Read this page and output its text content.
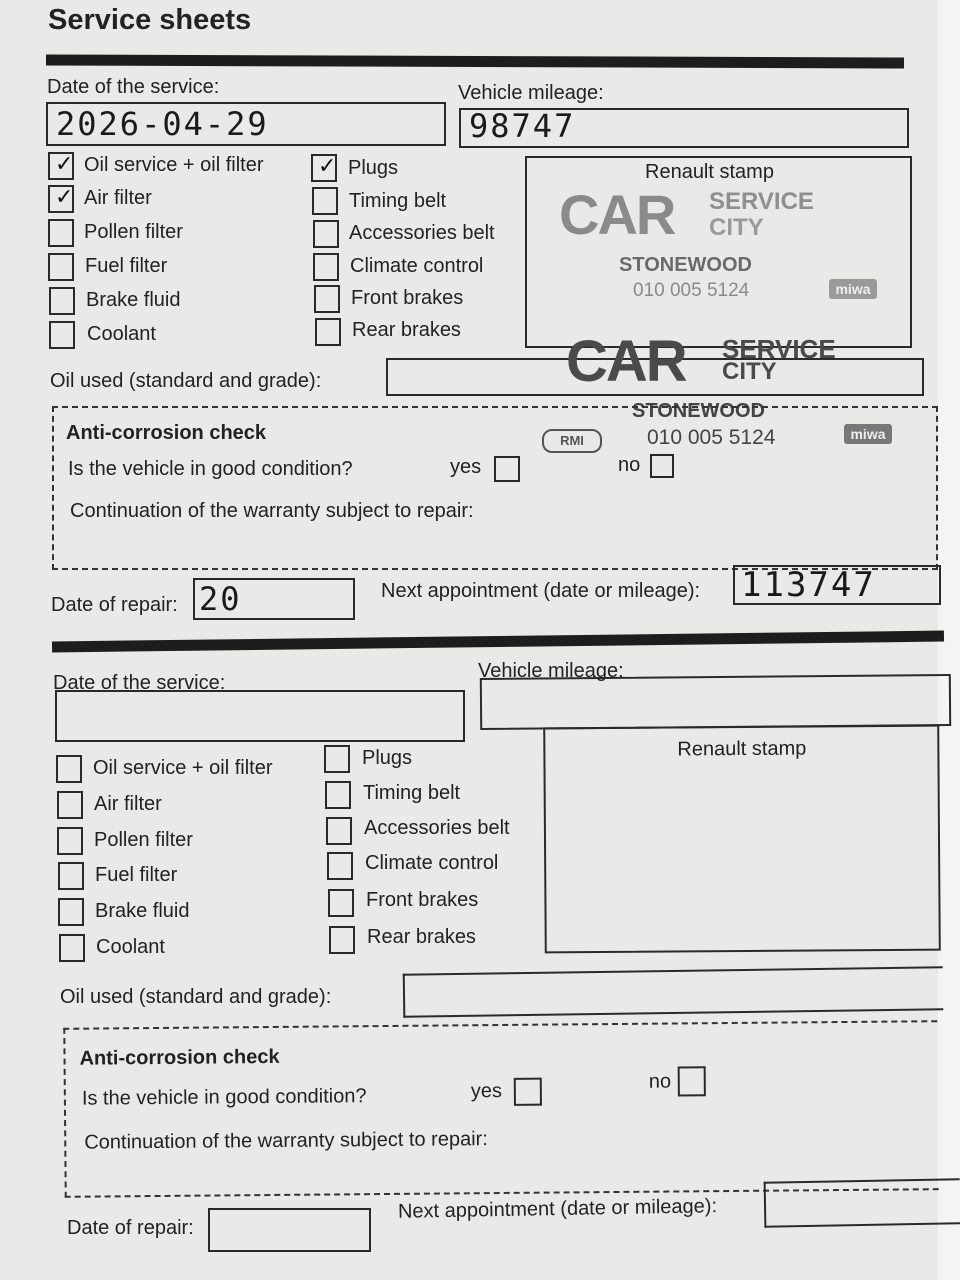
Service sheets
Date of the service:	Vehicle mileage:
2026-04-29	98747
✓ Oil service + oil filter
✓ Air filter
Pollen filter
Fuel filter
Brake fluid
Coolant
✓ Plugs
Timing belt
Accessories belt
Climate control
Front brakes
Rear brakes
Renault stamp
CAR SERVICE
CITY
STONEWOOD
010 005 5124	miwa
Oil used (standard and grade):	CAR SERVICE
CITY
STONEWOOD
010 005 5124
RMI	miwa
Anti-corrosion check
Is the vehicle in good condition?	yes	no
Continuation of the warranty subject to repair:
Date of repair: 20	Next appointment (date or mileage): 113747
Date of the service:
Vehicle mileage:
Oil service + oil filter
Air filter
Pollen filter
Fuel filter
Brake fluid
Coolant
Plugs
Timing belt
Accessories belt
Climate control
Front brakes
Rear brakes
Renault stamp
Oil used (standard and grade):
Anti-corrosion check
Is the vehicle in good condition?	yes	no
Continuation of the warranty subject to repair:
Date of repair:
Next appointment (date or mileage):
